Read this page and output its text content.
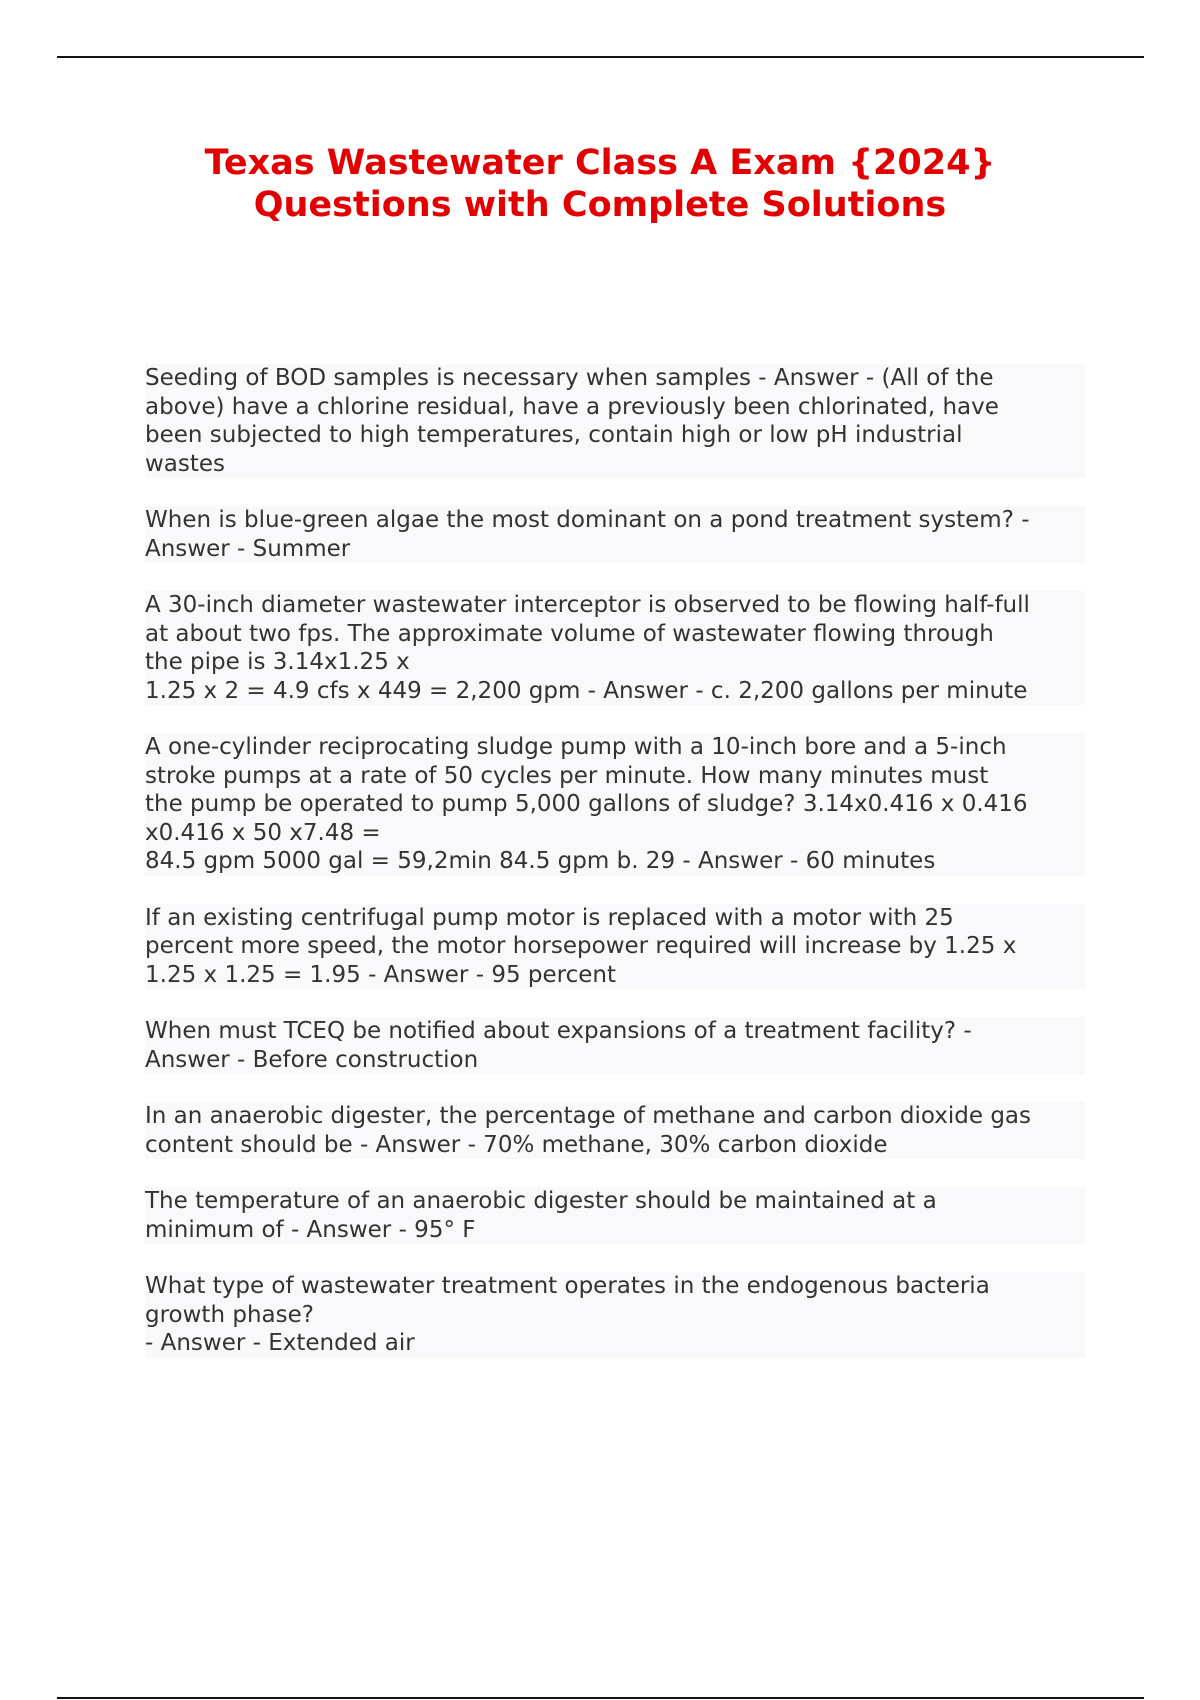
Texas Wastewater Class A Exam {2024}
Questions with Complete Solutions

Seeding of BOD samples is necessary when samples - Answer - (All of the
above) have a chlorine residual, have a previously been chlorinated, have
been subjected to high temperatures, contain high or low pH industrial
wastes

When is blue-green algae the most dominant on a pond treatment system? -
Answer - Summer

A 30-inch diameter wastewater interceptor is observed to be flowing half-full
at about two fps. The approximate volume of wastewater flowing through
the pipe is 3.14x1.25 x
1.25 x 2 = 4.9 cfs x 449 = 2,200 gpm - Answer - c. 2,200 gallons per minute

A one-cylinder reciprocating sludge pump with a 10-inch bore and a 5-inch
stroke pumps at a rate of 50 cycles per minute. How many minutes must
the pump be operated to pump 5,000 gallons of sludge? 3.14x0.416 x 0.416
x0.416 x 50 x7.48 =
84.5 gpm 5000 gal = 59,2min 84.5 gpm b. 29 - Answer - 60 minutes

If an existing centrifugal pump motor is replaced with a motor with 25
percent more speed, the motor horsepower required will increase by 1.25 x
1.25 x 1.25 = 1.95 - Answer - 95 percent

When must TCEQ be notified about expansions of a treatment facility? -
Answer - Before construction

In an anaerobic digester, the percentage of methane and carbon dioxide gas
content should be - Answer - 70% methane, 30% carbon dioxide

The temperature of an anaerobic digester should be maintained at a
minimum of - Answer - 95° F

What type of wastewater treatment operates in the endogenous bacteria
growth phase?
- Answer - Extended air
